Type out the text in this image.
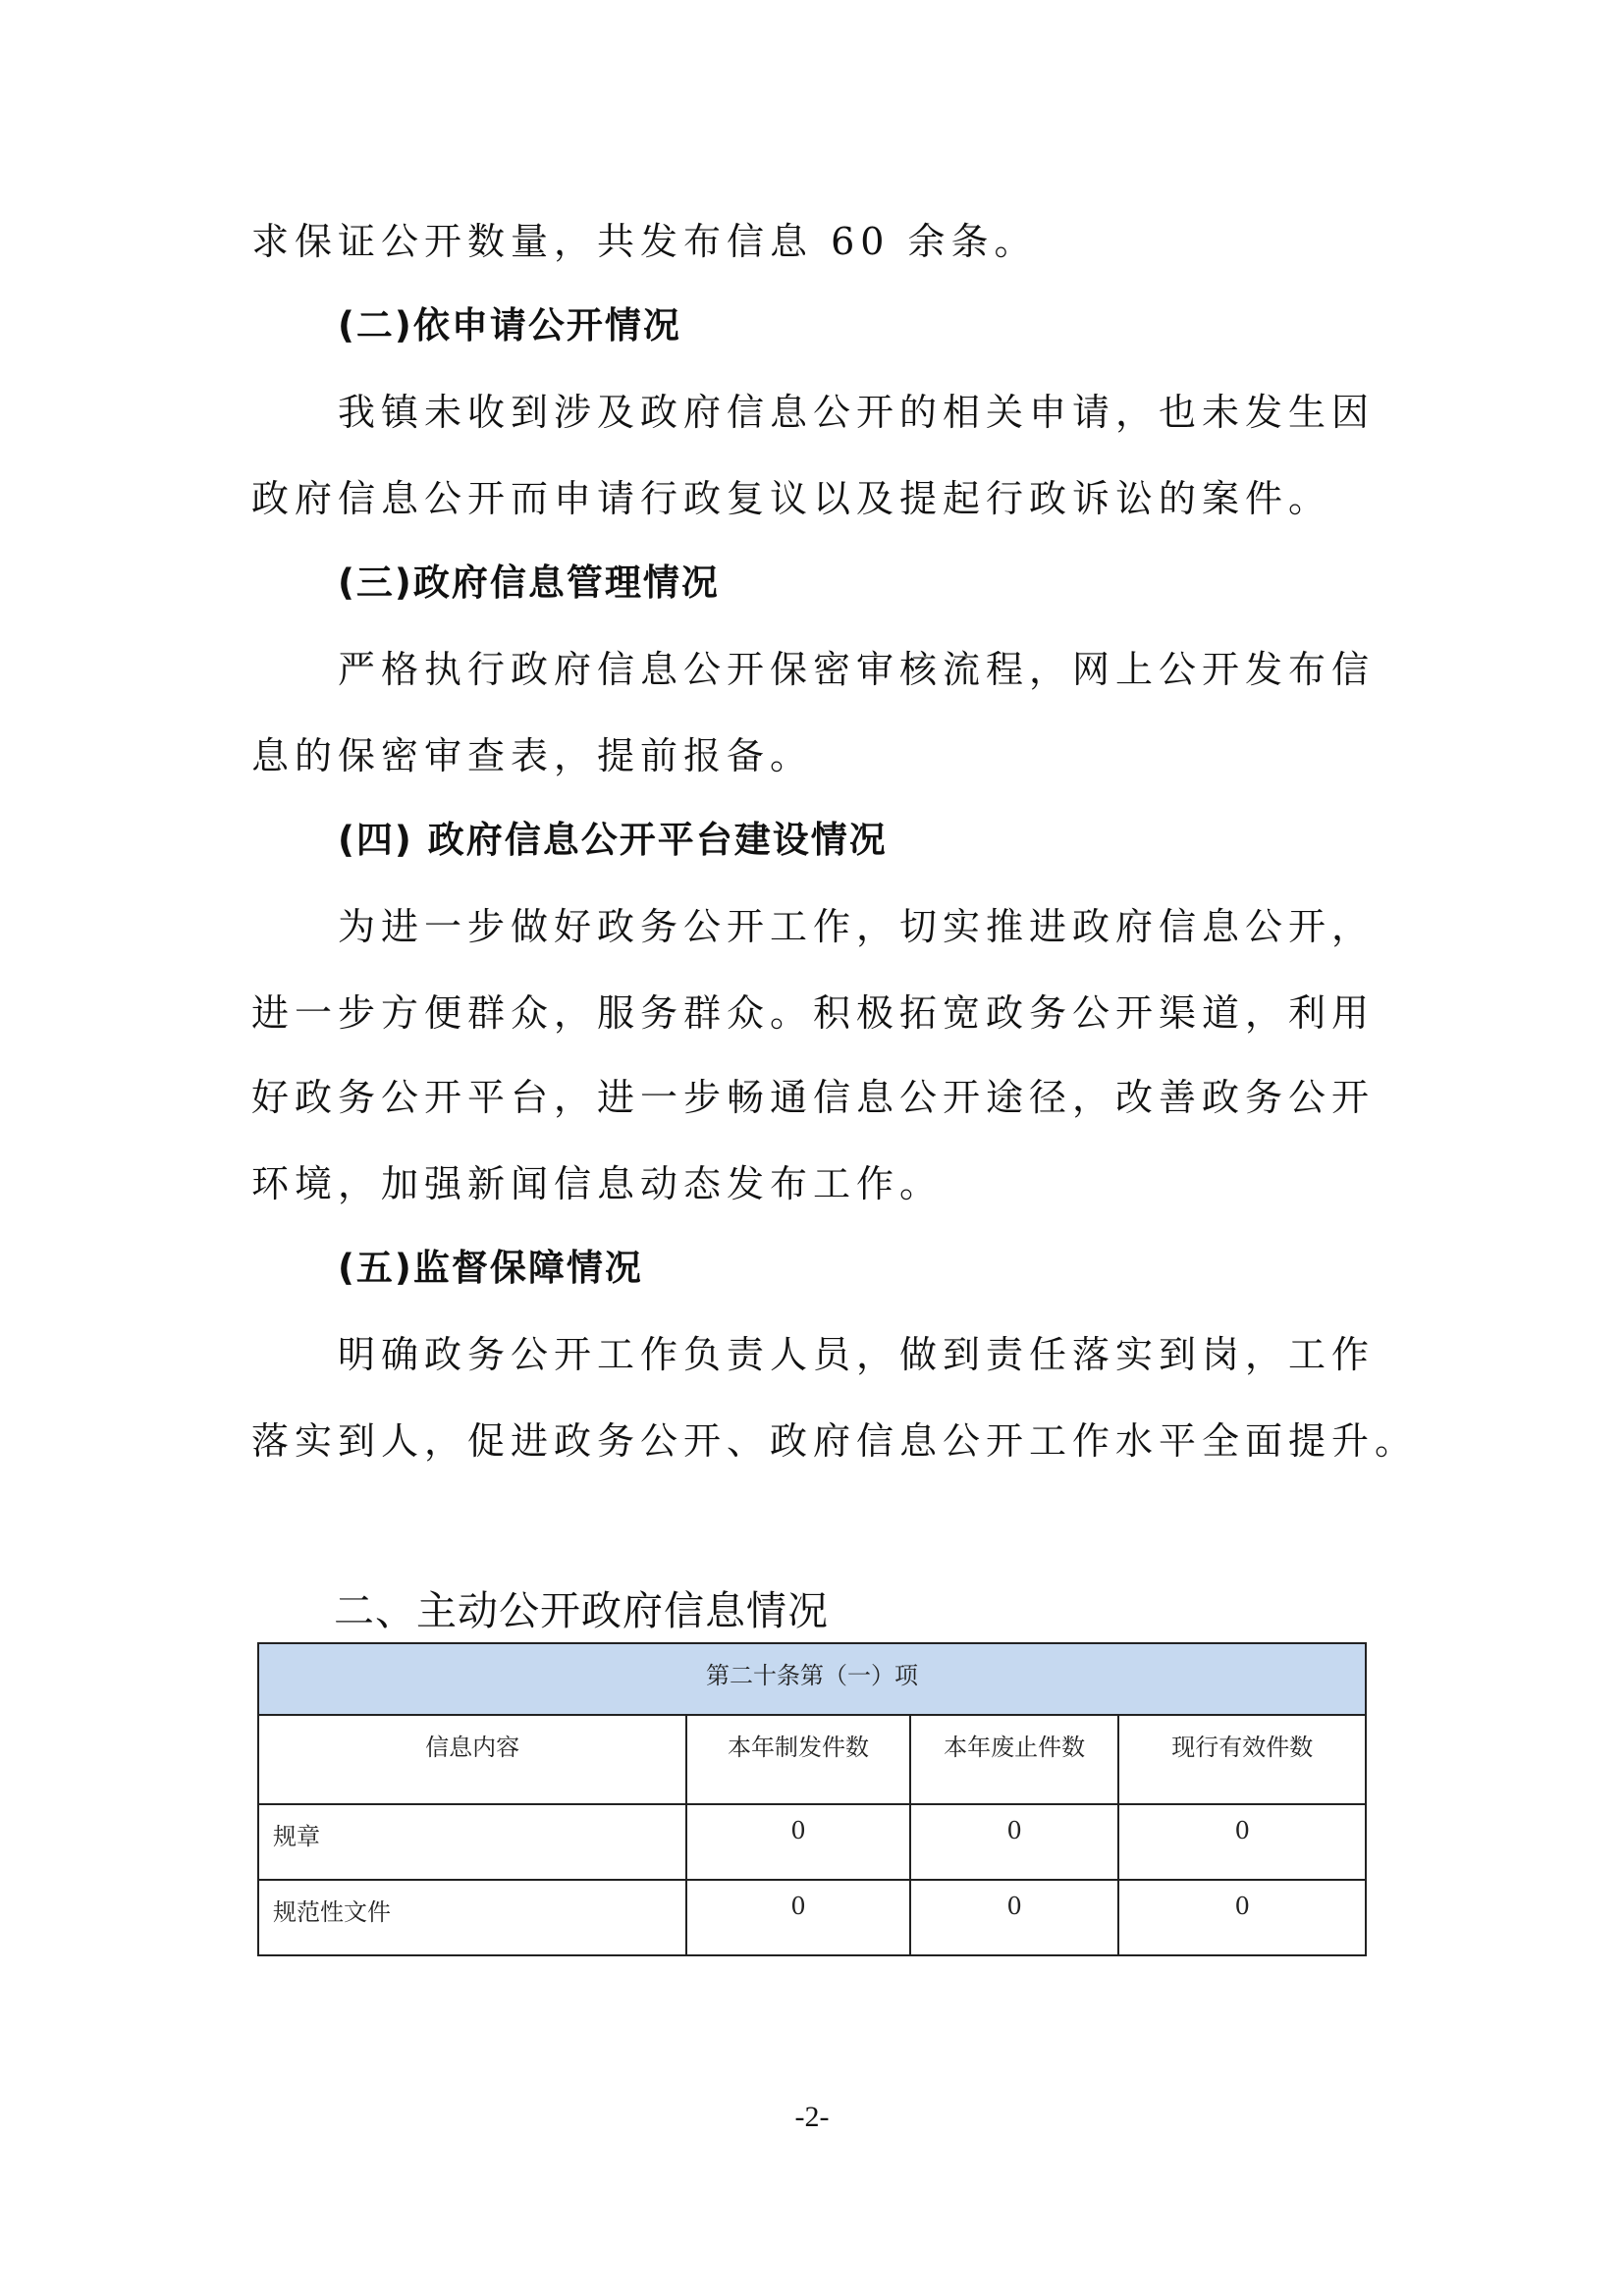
求保证公开数量，共发布信息 60 余条。
(二)依申请公开情况
我镇未收到涉及政府信息公开的相关申请，也未发生因
政府信息公开而申请行政复议以及提起行政诉讼的案件。
(三)政府信息管理情况
严格执行政府信息公开保密审核流程，网上公开发布信
息的保密审查表，提前报备。
(四) 政府信息公开平台建设情况
为进一步做好政务公开工作，切实推进政府信息公开，
进一步方便群众，服务群众。积极拓宽政务公开渠道，利用
好政务公开平台，进一步畅通信息公开途径，改善政务公开
环境，加强新闻信息动态发布工作。
(五)监督保障情况
明确政务公开工作负责人员，做到责任落实到岗，工作
落实到人，促进政务公开、政府信息公开工作水平全面提升。
二、主动公开政府信息情况
第二十条第（一）项			
信息内容	本年制发件数	本年废止件数	现行有效件数
规章	0	0	0
规范性文件	0	0	0
-2-
